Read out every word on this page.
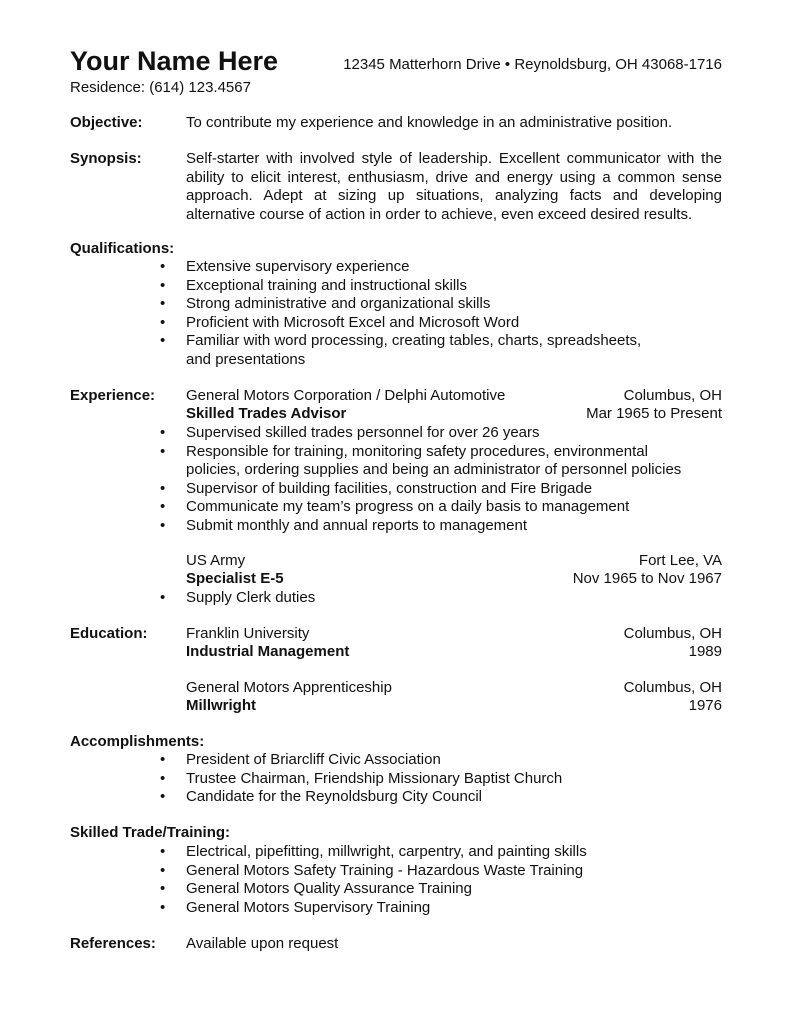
Your Name Here	12345 Matterhorn Drive • Reynoldsburg, OH 43068-1716
Residence: (614) 123.4567
Objective:	To contribute my experience and knowledge in an administrative position.
Synopsis:	Self-starter with involved style of leadership. Excellent communicator with the ability to elicit interest, enthusiasm, drive and energy using a common sense approach. Adept at sizing up situations, analyzing facts and developing alternative course of action in order to achieve, even exceed desired results.
Qualifications:
• Extensive supervisory experience
• Exceptional training and instructional skills
• Strong administrative and organizational skills
• Proficient with Microsoft Excel and Microsoft Word
• Familiar with word processing, creating tables, charts, spreadsheets, and presentations
Experience: General Motors Corporation / Delphi Automotive	Columbus, OH
Skilled Trades Advisor	Mar 1965 to Present
• Supervised skilled trades personnel for over 26 years
• Responsible for training, monitoring safety procedures, environmental policies, ordering supplies and being an administrator of personnel policies
• Supervisor of building facilities, construction and Fire Brigade
• Communicate my team’s progress on a daily basis to management
• Submit monthly and annual reports to management
US Army	Fort Lee, VA
Specialist E-5	Nov 1965 to Nov 1967
• Supply Clerk duties
Education:	Franklin University	Columbus, OH
Industrial Management	1989
General Motors Apprenticeship	Columbus, OH
Millwright	1976
Accomplishments:
• President of Briarcliff Civic Association
• Trustee Chairman, Friendship Missionary Baptist Church
• Candidate for the Reynoldsburg City Council
Skilled Trade/Training:
• Electrical, pipefitting, millwright, carpentry, and painting skills
• General Motors Safety Training - Hazardous Waste Training
• General Motors Quality Assurance Training
• General Motors Supervisory Training
References: Available upon request
